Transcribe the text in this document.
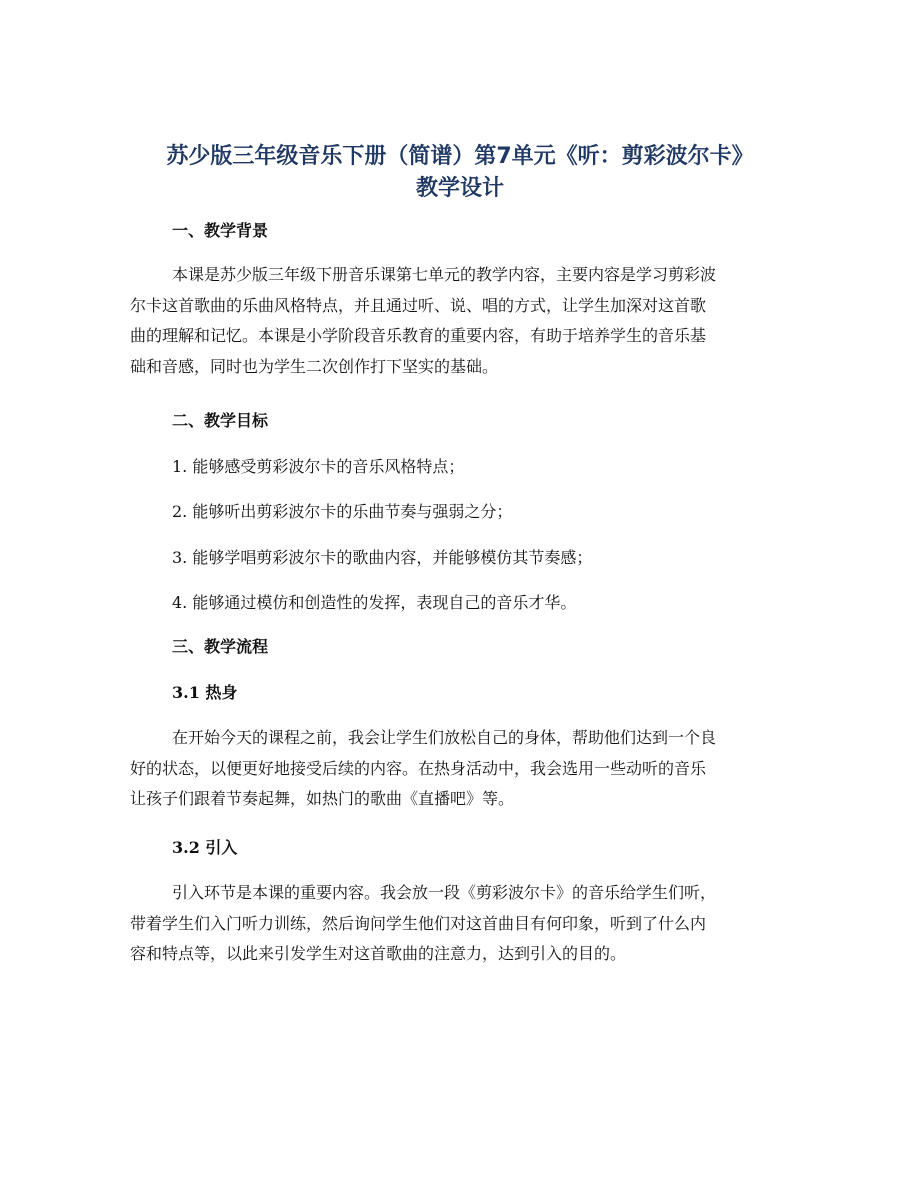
苏少版三年级音乐下册（简谱）第7单元《听：剪彩波尔卡》
教学设计
一、教学背景
本课是苏少版三年级下册音乐课第七单元的教学内容，主要内容是学习剪彩波
尔卡这首歌曲的乐曲风格特点，并且通过听、说、唱的方式，让学生加深对这首歌
曲的理解和记忆。本课是小学阶段音乐教育的重要内容，有助于培养学生的音乐基
础和音感，同时也为学生二次创作打下坚实的基础。
二、教学目标
1. 能够感受剪彩波尔卡的音乐风格特点；
2. 能够听出剪彩波尔卡的乐曲节奏与强弱之分；
3. 能够学唱剪彩波尔卡的歌曲内容，并能够模仿其节奏感；
4. 能够通过模仿和创造性的发挥，表现自己的音乐才华。
三、教学流程
3.1 热身
在开始今天的课程之前，我会让学生们放松自己的身体，帮助他们达到一个良
好的状态，以便更好地接受后续的内容。在热身活动中，我会选用一些动听的音乐
让孩子们跟着节奏起舞，如热门的歌曲《直播吧》等。
3.2 引入
引入环节是本课的重要内容。我会放一段《剪彩波尔卡》的音乐给学生们听，
带着学生们入门听力训练，然后询问学生他们对这首曲目有何印象，听到了什么内
容和特点等，以此来引发学生对这首歌曲的注意力，达到引入的目的。
